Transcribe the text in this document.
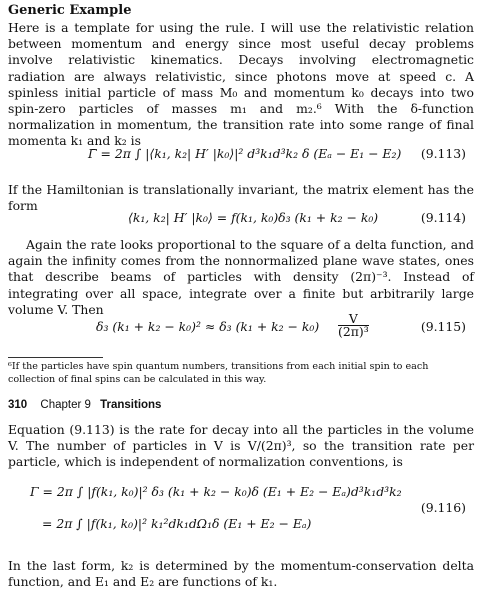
Generic Example

Here is a template for using the rule. I will use the relativistic relation between momentum and energy since most useful decay problems involve relativistic kinematics. Decays involving electromagnetic radiation are always relativistic, since photons move at speed c. A spinless initial particle of mass M₀ and momentum k₀ decays into two spin-zero particles of masses m₁ and m₂.⁶ With the δ-function normalization in momentum, the transition rate into some range of final momenta k₁ and k₂ is

Γ̄ = 2π ∫ |⟨k₁, k₂| H′ |k₀⟩|² d³k₁d³k₂ δ (Eₐ − E₁ − E₂) (9.113)

If the Hamiltonian is translationally invariant, the matrix element has the form

⟨k₁, k₂| H′ |k₀⟩ = f(k₁, k₀)δ₃ (k₁ + k₂ − k₀)	(9.114)

Again the rate looks proportional to the square of a delta function, and again the infinity comes from the nonnormalized plane wave states, ones that describe beams of particles with density (2π)⁻³. Instead of integrating over all space, integrate over a finite but arbitrarily large volume V. Then

δ₃ (k₁ + k₂ − k₀)² ≈ δ₃ $(k_1 + k_2 - k_0) \frac{V}{\text{(2π)³}}$	(9.115)
⁶If the particles have spin quantum numbers, transitions from each initial spin to each collection of final spins can be calculated in this way.
310 Chapter 9 Transitions

Equation (9.113) is the rate for decay into all the particles in the volume V. The number of particles in V is V/(2π)³, so the transition rate per particle, which is independent of normalization conventions, is

Γ = 2π ∫ |f(k₁, k₀)|² δ₃ (k₁ + k₂ − k₀)δ (E₁ + E₂ − Eₐ)d³k₁d³k₂
= 2π ∫ |f(k₁, k₀)|² k₁²dk₁dΩ₁δ (E₁ + E₂ − Eₐ)
(9.116)

In the last form, k₂ is determined by the momentum-conservation delta function, and E₁ and E₂ are functions of k₁.
